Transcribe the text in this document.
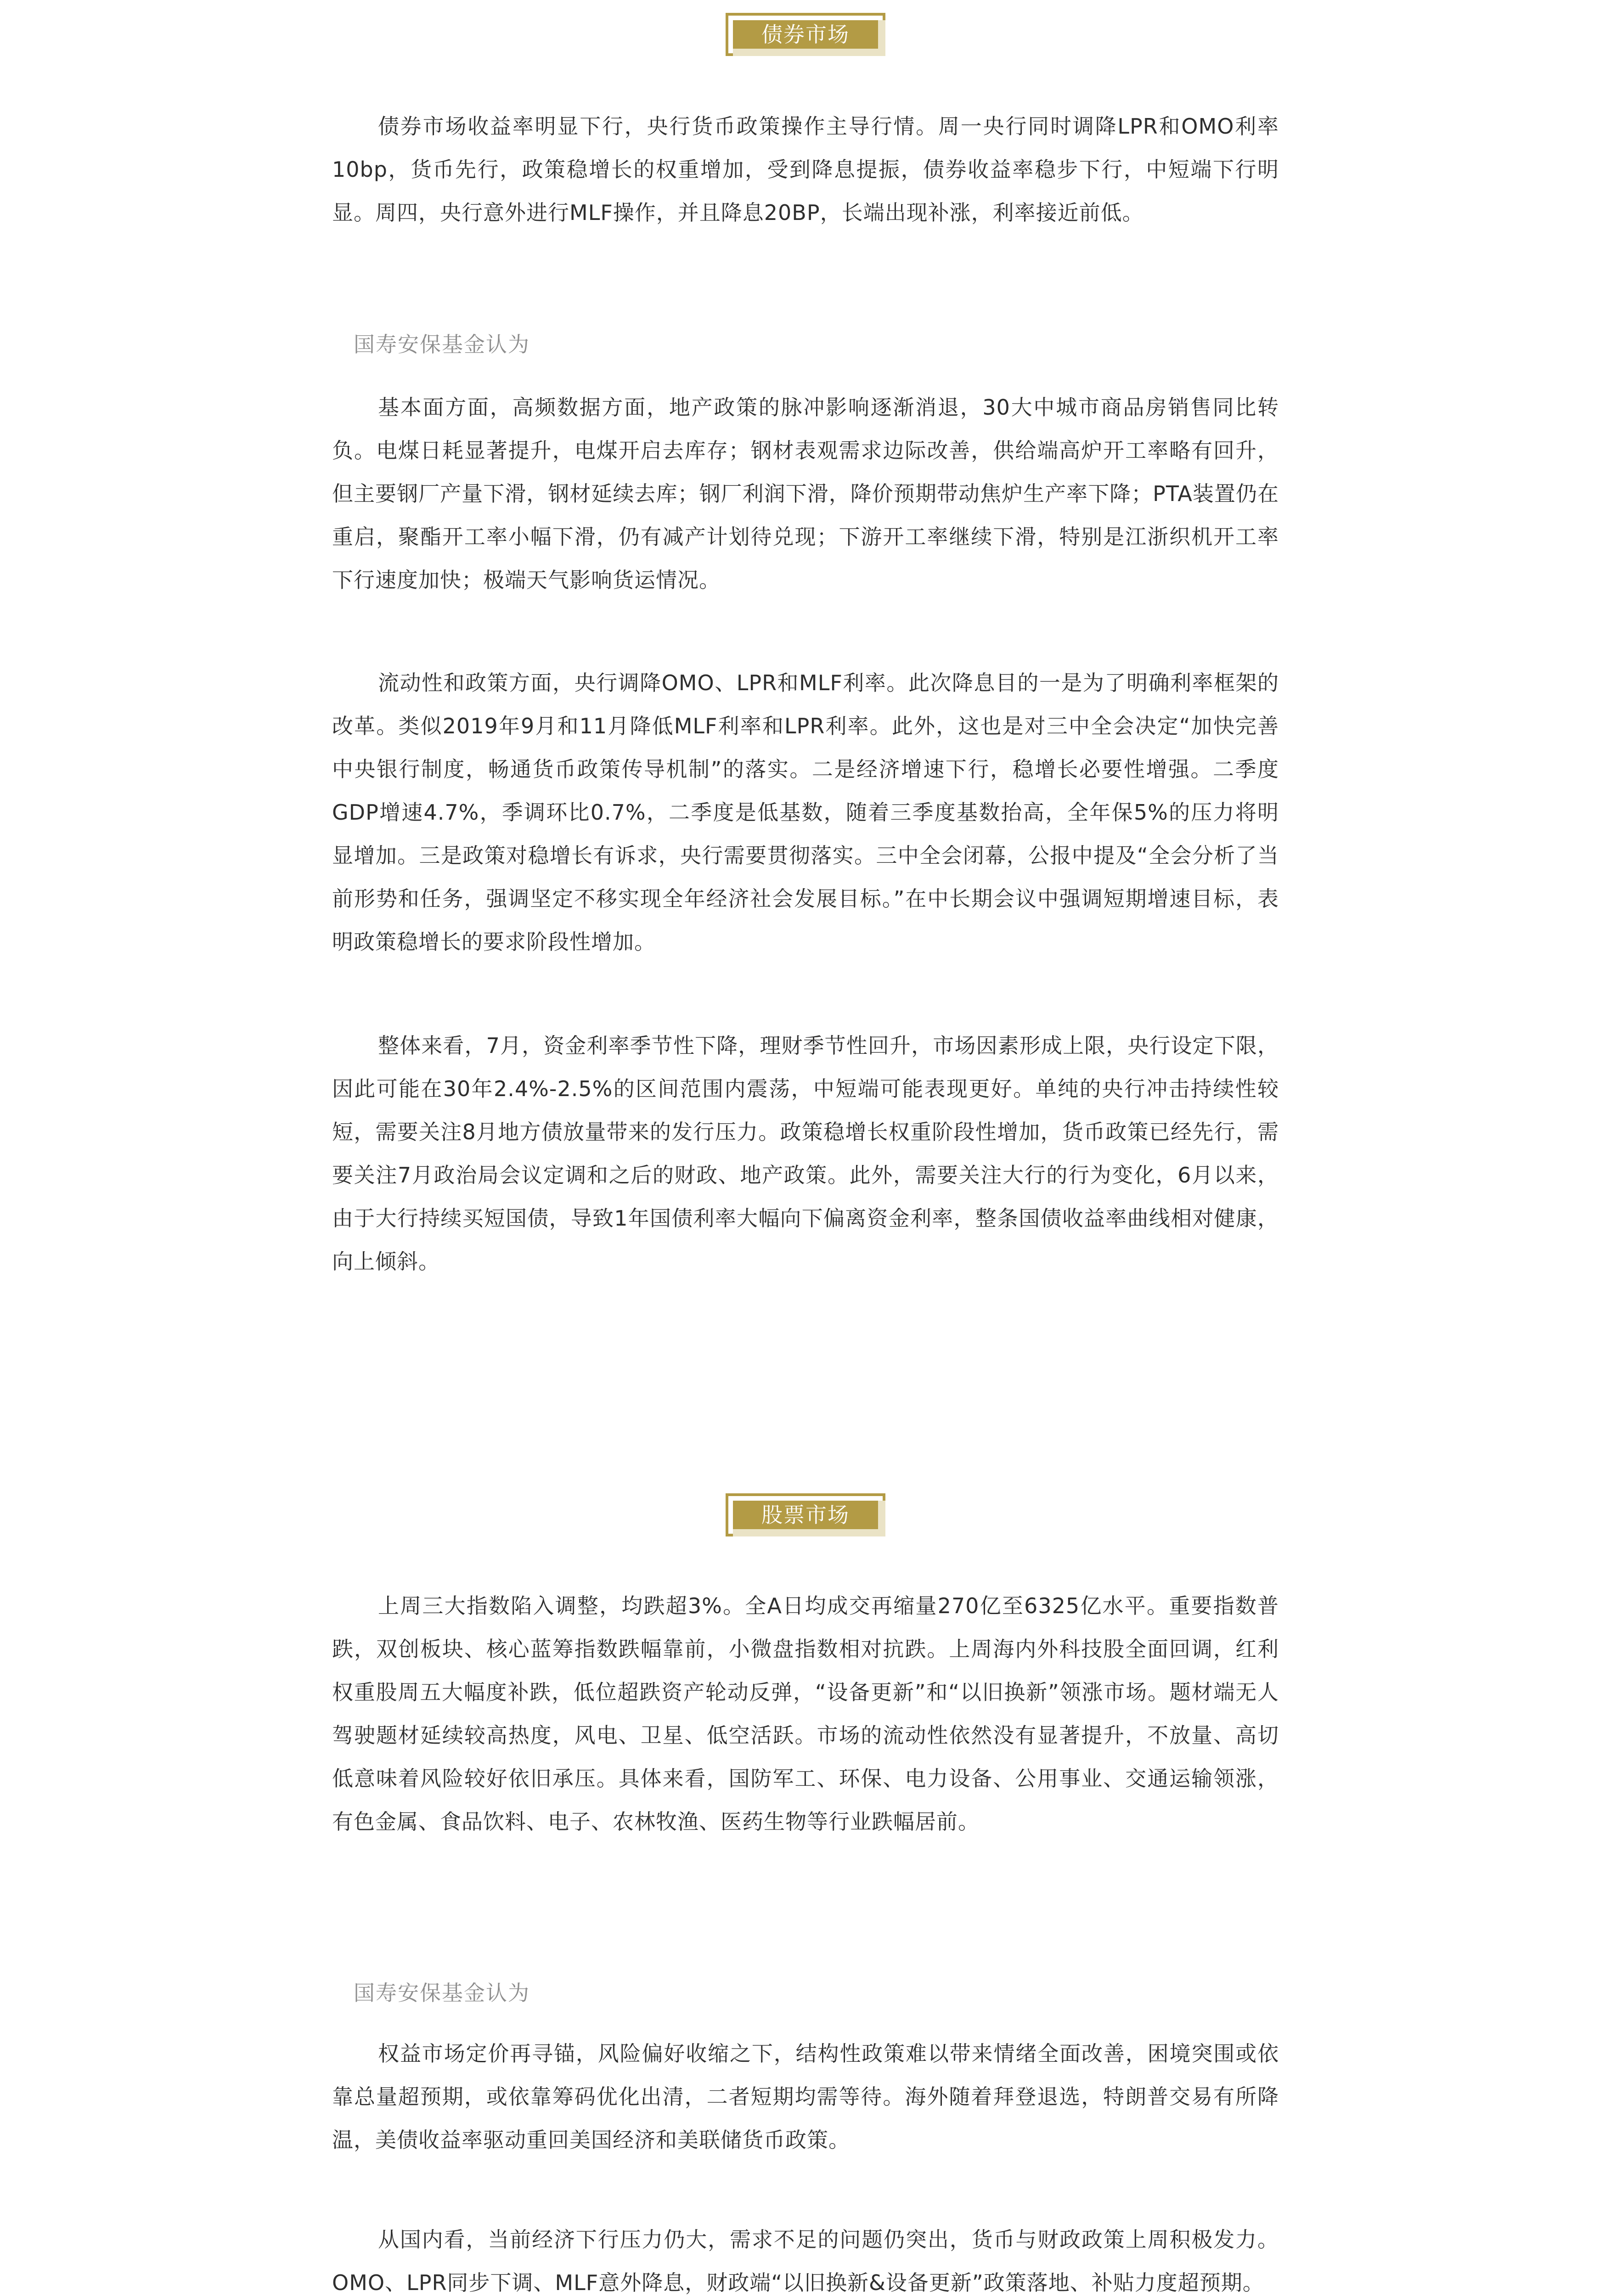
债券市场

债券市场收益率明显下行，央行货币政策操作主导行情。周一央行同时调降LPR和OMO利率10bp，货币先行，政策稳增长的权重增加，受到降息提振，债券收益率稳步下行，中短端下行明显。周四，央行意外进行MLF操作，并且降息20BP，长端出现补涨，利率接近前低。

国寿安保基金认为

基本面方面，高频数据方面，地产政策的脉冲影响逐渐消退，30大中城市商品房销售同比转负。电煤日耗显著提升，电煤开启去库存；钢材表观需求边际改善，供给端高炉开工率略有回升，但主要钢厂产量下滑，钢材延续去库；钢厂利润下滑，降价预期带动焦炉生产率下降；PTA装置仍在重启，聚酯开工率小幅下滑，仍有减产计划待兑现；下游开工率继续下滑，特别是江浙织机开工率下行速度加快；极端天气影响货运情况。

流动性和政策方面，央行调降OMO、LPR和MLF利率。此次降息目的一是为了明确利率框架的改革。类似2019年9月和11月降低MLF利率和LPR利率。此外，这也是对三中全会决定“加快完善中央银行制度，畅通货币政策传导机制”的落实。二是经济增速下行，稳增长必要性增强。二季度GDP增速4.7%，季调环比0.7%，二季度是低基数，随着三季度基数抬高，全年保5%的压力将明显增加。三是政策对稳增长有诉求，央行需要贯彻落实。三中全会闭幕，公报中提及“全会分析了当前形势和任务，强调坚定不移实现全年经济社会发展目标。”在中长期会议中强调短期增速目标，表明政策稳增长的要求阶段性增加。

整体来看，7月，资金利率季节性下降，理财季节性回升，市场因素形成上限，央行设定下限，因此可能在30年2.4%-2.5%的区间范围内震荡，中短端可能表现更好。单纯的央行冲击持续性较短，需要关注8月地方债放量带来的发行压力。政策稳增长权重阶段性增加，货币政策已经先行，需要关注7月政治局会议定调和之后的财政、地产政策。此外，需要关注大行的行为变化，6月以来，由于大行持续买短国债，导致1年国债利率大幅向下偏离资金利率，整条国债收益率曲线相对健康，向上倾斜。

股票市场

上周三大指数陷入调整，均跌超3%。全A日均成交再缩量270亿至6325亿水平。重要指数普跌，双创板块、核心蓝筹指数跌幅靠前，小微盘指数相对抗跌。上周海内外科技股全面回调，红利权重股周五大幅度补跌，低位超跌资产轮动反弹，“设备更新”和“以旧换新”领涨市场。题材端无人驾驶题材延续较高热度，风电、卫星、低空活跃。市场的流动性依然没有显著提升，不放量、高切低意味着风险较好依旧承压。具体来看，国防军工、环保、电力设备、公用事业、交通运输领涨，有色金属、食品饮料、电子、农林牧渔、医药生物等行业跌幅居前。

国寿安保基金认为

权益市场定价再寻锚，风险偏好收缩之下，结构性政策难以带来情绪全面改善，困境突围或依靠总量超预期，或依靠筹码优化出清，二者短期均需等待。海外随着拜登退选，特朗普交易有所降温，美债收益率驱动重回美国经济和美联储货币政策。

从国内看，当前经济下行压力仍大，需求不足的问题仍突出，货币与财政政策上周积极发力。OMO、LPR同步下调、MLF意外降息，财政端“以旧换新&设备更新”政策落地、补贴力度超预期。
